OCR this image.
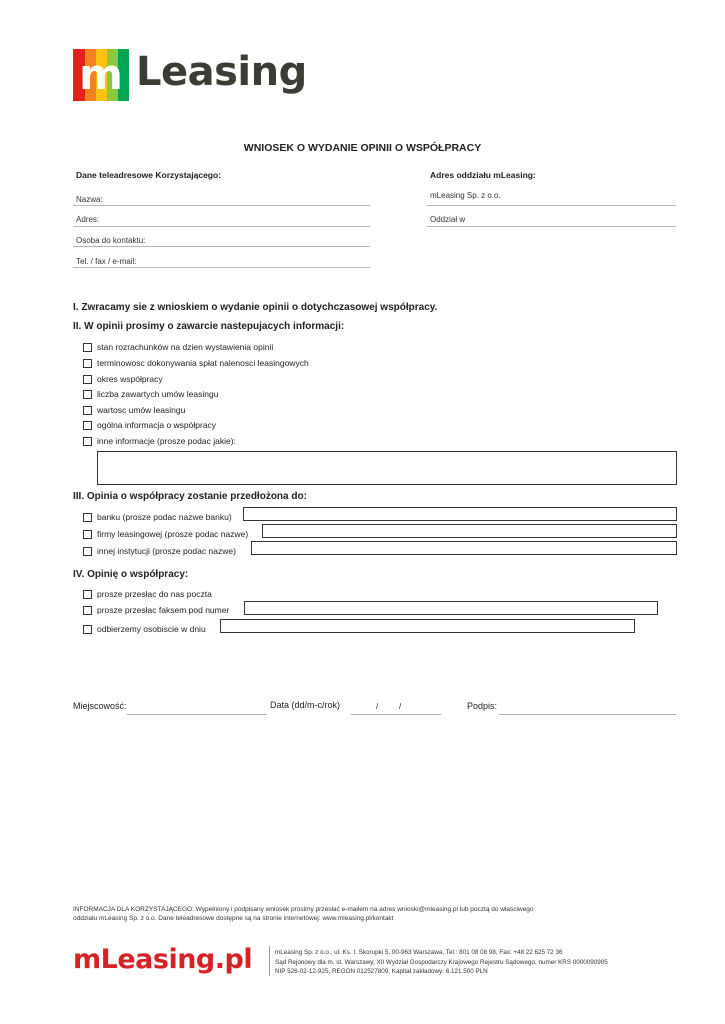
m Leasing
WNIOSEK O WYDANIE OPINII O WSPÓŁPRACY
Dane teleadresowe Korzystającego:
Nazwa:
Adres:
Osoba do kontaktu:
Tel. / fax / e-mail:
Adres oddziału mLeasing:
mLeasing Sp. z o.o.
Oddział w
I. Zwracamy sie z wnioskiem o wydanie opinii o dotychczasowej współpracy.
II. W opinii prosimy o zawarcie nastepujacych informacji:
stan rozrachunków na dzien wystawienia opinii
terminowosc dokonywania spłat nalenosci leasingowych
okres współpracy
liczba zawartych umów leasingu
wartosc umów leasingu
ogólna informacja o współpracy
inne informacje (prosze podac jakie):
III. Opinia o współpracy zostanie przedłożona do:
banku (prosze podac nazwe banku)
firmy leasingowej (prosze podac nazwe)
innej instytucji (prosze podac nazwe)
IV. Opinię o współpracy:
prosze przesłac do nas poczta
prosze przesłac faksem pod numer
odbierzemy osobiscie w dniu
Miejscowość:	Data (dd/m-c/rok)	/	/	Podpis:
INFORMACJA DLA KORZYSTAJĄCEGO: Wypełniony i podpisany wniosek prosimy przesłać e-mailem na adres wnioski@mleasing.pl lub pocztą do właściwego
oddziału mLeasing Sp. z o.o. Dane teleadresowe dostępne są na stronie internetowej: www.mleasing.pl/kontakt
mLeasing.pl	mLeasing Sp. z o.o., ul. Ks. I. Skorupki 5, 00-963 Warszawa, Tel.: 801 08 08 98, Fax: +48 22 625 72 36
Sąd Rejonowy dla m. st. Warszawy, XII Wydział Gospodarczy Krajowego Rejestru Sądowego, numer KRS 0000090905
NIP 526-02-12-925, REGON 012527809, Kapitał zakładowy: 6.121.500 PLN
